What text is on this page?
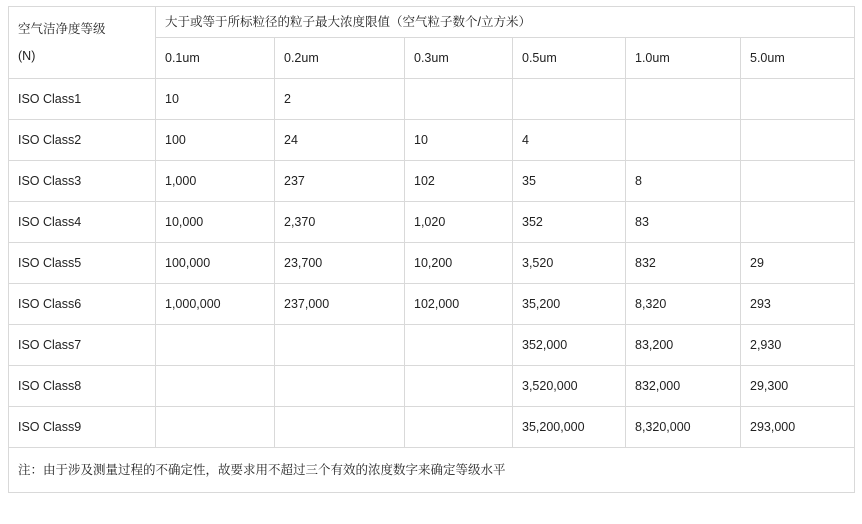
空气洁净度等级
(N)	大于或等于所标粒径的粒子最大浓度限值（空气粒子数个/立方米）					
	0.1um	0.2um	0.3um	0.5um	1.0um	5.0um
ISO Class1	10	2				
ISO Class2	100	24	10	4		
ISO Class3	1,000	237	102	35	8	
ISO Class4	10,000	2,370	1,020	352	83	
ISO Class5	100,000	23,700	10,200	3,520	832	29
ISO Class6	1,000,000	237,000	102,000	35,200	8,320	293
ISO Class7				352,000	83,200	2,930
ISO Class8				3,520,000	832,000	29,300
ISO Class9				35,200,000	8,320,000	293,000
注：由于涉及测量过程的不确定性，故要求用不超过三个有效的浓度数字来确定等级水平						
